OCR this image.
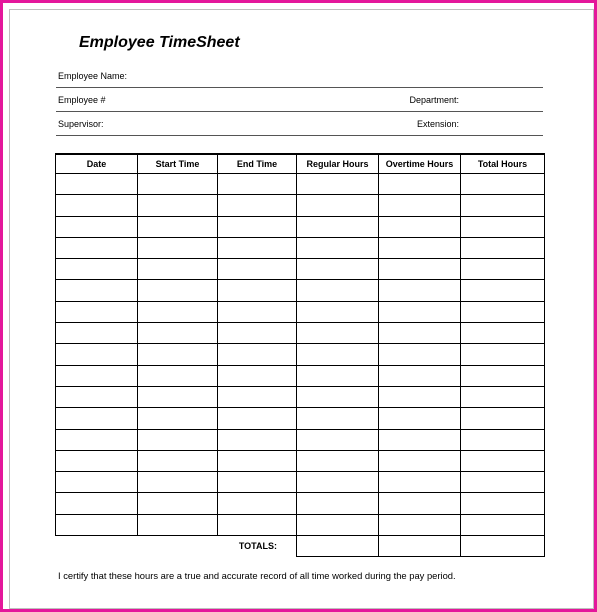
Employee TimeSheet
Employee Name:
Employee #	Department:
Supervisor:	Extension:
Date	Start Time	End Time	Regular Hours	Overtime Hours	Total Hours

TOTALS:					

I certify that these hours are a true and accurate record of all time worked during the pay period.
